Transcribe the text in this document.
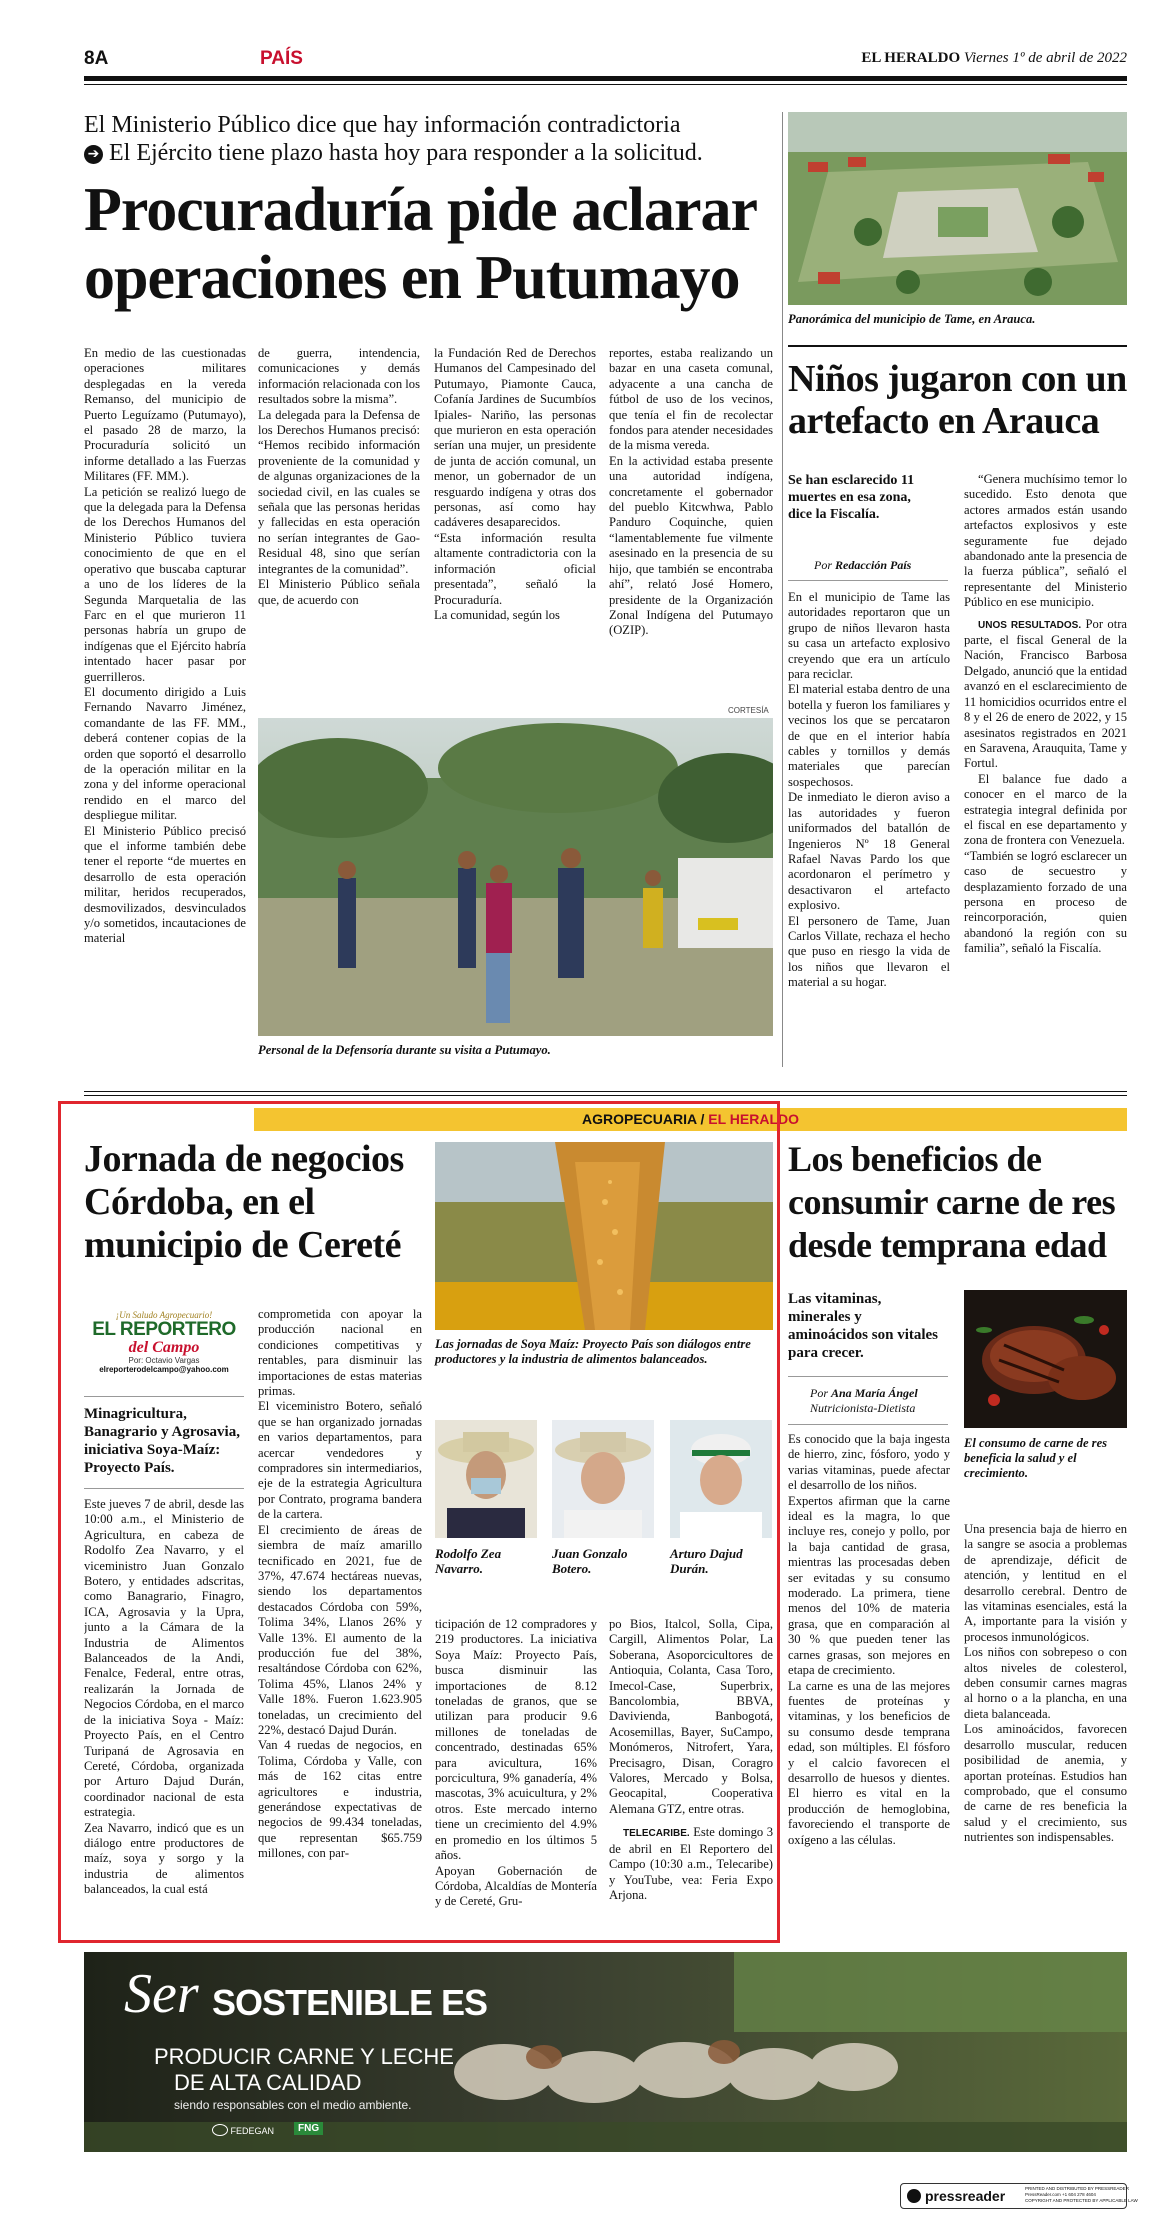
8A	PAÍS	EL HERALDO Viernes 1º de abril de 2022
El Ministerio Público dice que hay información contradictoria
➔ El Ejército tiene plazo hasta hoy para responder a la solicitud.
Procuraduría pide aclarar operaciones en Putumayo
En medio de las cuestionadas operaciones militares desplegadas en la vereda Remanso, del municipio de Puerto Leguízamo (Putumayo), el pasado 28 de marzo, la Procuraduría solicitó un informe detallado a las Fuerzas Militares (FF. MM.).
La petición se realizó luego de que la delegada para la Defensa de los Derechos Humanos del Ministerio Público tuviera conocimiento de que en el operativo que buscaba capturar a uno de los líderes de la Segunda Marquetalia de las Farc en el que murieron 11 personas habría un grupo de indígenas que el Ejército habría intentado hacer pasar por guerrilleros.
El documento dirigido a Luis Fernando Navarro Jiménez, comandante de las FF. MM., deberá contener copias de la orden que soportó el desarrollo de la operación militar en la zona y del informe operacional rendido en el marco del despliegue militar.
El Ministerio Público precisó que el informe también debe tener el reporte “de muertes en desarrollo de esta operación militar, heridos recuperados, desmovilizados, desvinculados y/o sometidos, incautaciones de material
de guerra, intendencia, comunicaciones y demás información relacionada con los resultados sobre la misma”.
La delegada para la Defensa de los Derechos Humanos precisó: “Hemos recibido información proveniente de la comunidad y de algunas organizaciones de la sociedad civil, en las cuales se señala que las personas heridas y fallecidas en esta operación no serían integrantes de Gao-Residual 48, sino que serían integrantes de la comunidad”.
El Ministerio Público señala que, de acuerdo con
la Fundación Red de Derechos Humanos del Campesinado del Putumayo, Piamonte Cauca, Cofanía Jardines de Sucumbíos Ipiales- Nariño, las personas que murieron en esta operación serían una mujer, un presidente de junta de acción comunal, un menor, un gobernador de un resguardo indígena y otras dos personas, así como hay cadáveres desaparecidos.
“Esta información resulta altamente contradictoria con la información oficial presentada”, señaló la Procuraduría.
La comunidad, según los
reportes, estaba realizando un bazar en una caseta comunal, adyacente a una cancha de fútbol de uso de los vecinos, que tenía el fin de recolectar fondos para atender necesidades de la misma vereda.
En la actividad estaba presente una autoridad indígena, concretamente el gobernador del pueblo Kitcwhwa, Pablo Panduro Coquinche, quien “lamentablemente fue vilmente asesinado en la presencia de su hijo, que también se encontraba ahí”, relató José Homero, presidente de la Organización Zonal Indígena del Putumayo (OZIP).
CORTESÍA
Personal de la Defensoría durante su visita a Putumayo.
Panorámica del municipio de Tame, en Arauca.
Niños jugaron con un artefacto en Arauca
Se han esclarecido 11 muertes en esa zona, dice la Fiscalía.
Por Redacción País
En el municipio de Tame las autoridades reportaron que un grupo de niños llevaron hasta su casa un artefacto explosivo creyendo que era un artículo para reciclar.
El material estaba dentro de una botella y fueron los familiares y vecinos los que se percataron de que en el interior había cables y tornillos y demás materiales que parecían sospechosos.
De inmediato le dieron aviso a las autoridades y fueron uniformados del batallón de Ingenieros Nº 18 General Rafael Navas Pardo los que acordonaron el perímetro y desactivaron el artefacto explosivo.
El personero de Tame, Juan Carlos Villate, rechaza el hecho que puso en riesgo la vida de los niños que llevaron el material a su hogar.

“Genera muchísimo temor lo sucedido. Esto denota que actores armados están usando artefactos explosivos y este seguramente fue dejado abandonado ante la presencia de la fuerza pública”, señaló el representante del Ministerio Público en ese municipio.

UNOS RESULTADOS. Por otra parte, el fiscal General de la Nación, Francisco Barbosa Delgado, anunció que la entidad avanzó en el esclarecimiento de 11 homicidios ocurridos entre el 8 y el 26 de enero de 2022, y 15 asesinatos registrados en 2021 en Saravena, Arauquita, Tame y Fortul.

El balance fue dado a conocer en el marco de la estrategia integral definida por el fiscal en ese departamento y zona de frontera con Venezuela.
“También se logró esclarecer un caso de secuestro y desplazamiento forzado de una persona en proceso de reincorporación, quien abandonó la región con su familia”, señaló la Fiscalía.
AGROPECUARIA / EL HERALDO
Jornada de negocios Córdoba, en el municipio de Cereté
¡Un Saludo Agropecuario!
EL REPORTERO
del Campo
Por: Octavio Vargas
elreporterodelcampo@yahoo.com
Minagricultura, Banagrario y Agrosavia, iniciativa Soya-Maíz: Proyecto País.
Este jueves 7 de abril, desde las 10:00 a.m., el Ministerio de Agricultura, en cabeza de Rodolfo Zea Navarro, y el viceministro Juan Gonzalo Botero, y entidades adscritas, como Banagrario, Finagro, ICA, Agrosavia y la Upra, junto a la Cámara de la Industria de Alimentos Balanceados de la Andi, Fenalce, Federal, entre otras, realizarán la Jornada de Negocios Córdoba, en el marco de la iniciativa Soya - Maíz: Proyecto País, en el Centro Turipaná de Agrosavia en Cereté, Córdoba, organizada por Arturo Dajud Durán, coordinador nacional de esta estrategia.
Zea Navarro, indicó que es un diálogo entre productores de maíz, soya y sorgo y la industria de alimentos balanceados, la cual está
comprometida con apoyar la producción nacional en condiciones competitivas y rentables, para disminuir las importaciones de estas materias primas.
El viceministro Botero, señaló que se han organizado jornadas en varios departamentos, para acercar vendedores y compradores sin intermediarios, eje de la estrategia Agricultura por Contrato, programa bandera de la cartera.
El crecimiento de áreas de siembra de maíz amarillo tecnificado en 2021, fue de 37%, 47.674 hectáreas nuevas, siendo los departamentos destacados Córdoba con 59%, Tolima 34%, Llanos 26% y Valle 13%. El aumento de la producción fue del 38%, resaltándose Córdoba con 62%, Tolima 45%, Llanos 24% y Valle 18%. Fueron 1.623.905 toneladas, un crecimiento del 22%, destacó Dajud Durán.
Van 4 ruedas de negocios, en Tolima, Córdoba y Valle, con más de 162 citas entre agricultores e industria, generándose expectativas de negocios de 99.434 toneladas, que representan $65.759 millones, con par-
Las jornadas de Soya Maíz: Proyecto País son diálogos entre productores y la industria de alimentos balanceados.
Rodolfo Zea Navarro.
Juan Gonzalo Botero.
Arturo Dajud Durán.
ticipación de 12 compradores y 219 productores. La iniciativa Soya Maíz: Proyecto País, busca disminuir las importaciones de 8.12 toneladas de granos, que se utilizan para producir 9.6 millones de toneladas de concentrado, destinadas 65% para avicultura, 16% porcicultura, 9% ganadería, 4% mascotas, 3% acuicultura, y 2% otros. Este mercado interno tiene un crecimiento del 4.9% en promedio en los últimos 5 años.
Apoyan Gobernación de Córdoba, Alcaldías de Montería y de Cereté, Gru-
po Bios, Italcol, Solla, Cipa, Cargill, Alimentos Polar, La Soberana, Asoporcicultores de Antioquia, Colanta, Casa Toro, Imecol-Case, Superbrix, Bancolombia, BBVA, Davivienda, Banbogotá, Acosemillas, Bayer, SuCampo, Monómeros, Nitrofert, Yara, Precisagro, Disan, Coragro Valores, Mercado y Bolsa, Geocapital, Cooperativa Alemana GTZ, entre otras.

TELECARIBE. Este domingo 3 de abril en El Reportero del Campo (10:30 a.m., Telecaribe) y YouTube, vea: Feria Expo Arjona.

Los beneficios de consumir carne de res desde temprana edad
Las vitaminas, minerales y aminoácidos son vitales para crecer.
Por Ana María Ángel
Nutricionista-Dietista
Es conocido que la baja ingesta de hierro, zinc, fósforo, yodo y varias vitaminas, puede afectar el desarrollo de los niños.
Expertos afirman que la carne ideal es la magra, lo que incluye res, conejo y pollo, por la baja cantidad de grasa, mientras las procesadas deben ser evitadas y su consumo moderado. La primera, tiene menos del 10% de materia grasa, que en comparación al 30 % que pueden tener las carnes grasas, son mejores en etapa de crecimiento.
La carne es una de las mejores fuentes de proteínas y vitaminas, y los beneficios de su consumo desde temprana edad, son múltiples. El fósforo y el calcio favorecen el desarrollo de huesos y dientes. El hierro es vital en la producción de hemoglobina, favoreciendo el transporte de oxígeno a las células.
El consumo de carne de res beneficia la salud y el crecimiento.
Una presencia baja de hierro en la sangre se asocia a problemas de aprendizaje, déficit de atención, y lentitud en el desarrollo cerebral. Dentro de las vitaminas esenciales, está la A, importante para la visión y procesos inmunológicos.
Los niños con sobrepeso o con altos niveles de colesterol, deben consumir carnes magras al horno o a la plancha, en una dieta balanceada.
Los aminoácidos, favorecen desarrollo muscular, reducen posibilidad de anemia, y aportan proteínas. Estudios han comprobado, que el consumo de carne de res beneficia la salud y el crecimiento, sus nutrientes son indispensables.
Ser SOSTENIBLE ES
PRODUCIR CARNE Y LECHE
DE ALTA CALIDAD
siendo responsables con el medio ambiente.
FEDEGAN	FNG
pressreader	PRINTED AND DISTRIBUTED BY PRESSREADER
PressReader.com +1 604 278 4604
COPYRIGHT AND PROTECTED BY APPLICABLE LAW
